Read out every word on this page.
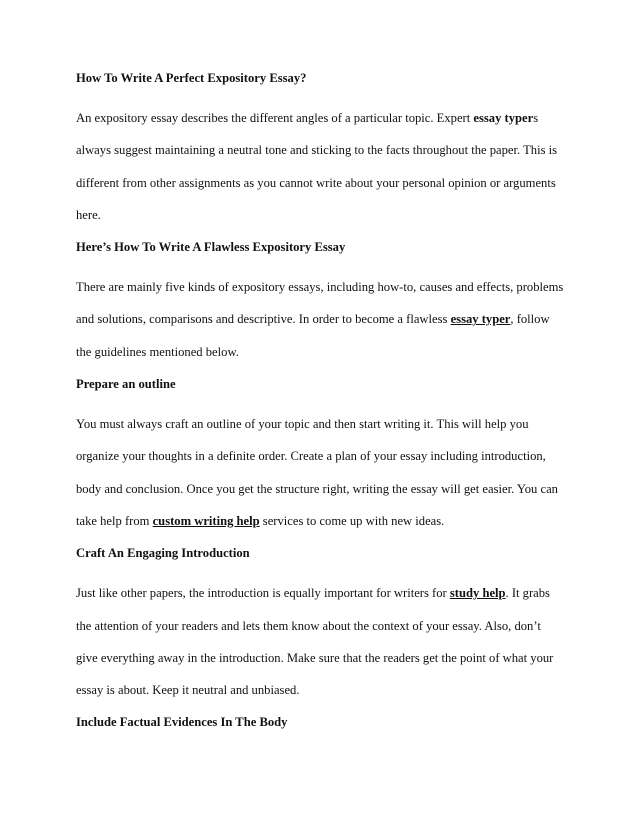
How To Write A Perfect Expository Essay?

An expository essay describes the different angles of a particular topic. Expert essay typers
always suggest maintaining a neutral tone and sticking to the facts throughout the paper. This is
different from other assignments as you cannot write about your personal opinion or arguments
here.

Here’s How To Write A Flawless Expository Essay

There are mainly five kinds of expository essays, including how-to, causes and effects, problems
and solutions, comparisons and descriptive. In order to become a flawless essay typer, follow
the guidelines mentioned below.

Prepare an outline

You must always craft an outline of your topic and then start writing it. This will help you
organize your thoughts in a definite order. Create a plan of your essay including introduction,
body and conclusion. Once you get the structure right, writing the essay will get easier. You can
take help from custom writing help services to come up with new ideas.

Craft An Engaging Introduction

Just like other papers, the introduction is equally important for writers for study help. It grabs
the attention of your readers and lets them know about the context of your essay. Also, don’t
give everything away in the introduction. Make sure that the readers get the point of what your
essay is about. Keep it neutral and unbiased.

Include Factual Evidences In The Body
